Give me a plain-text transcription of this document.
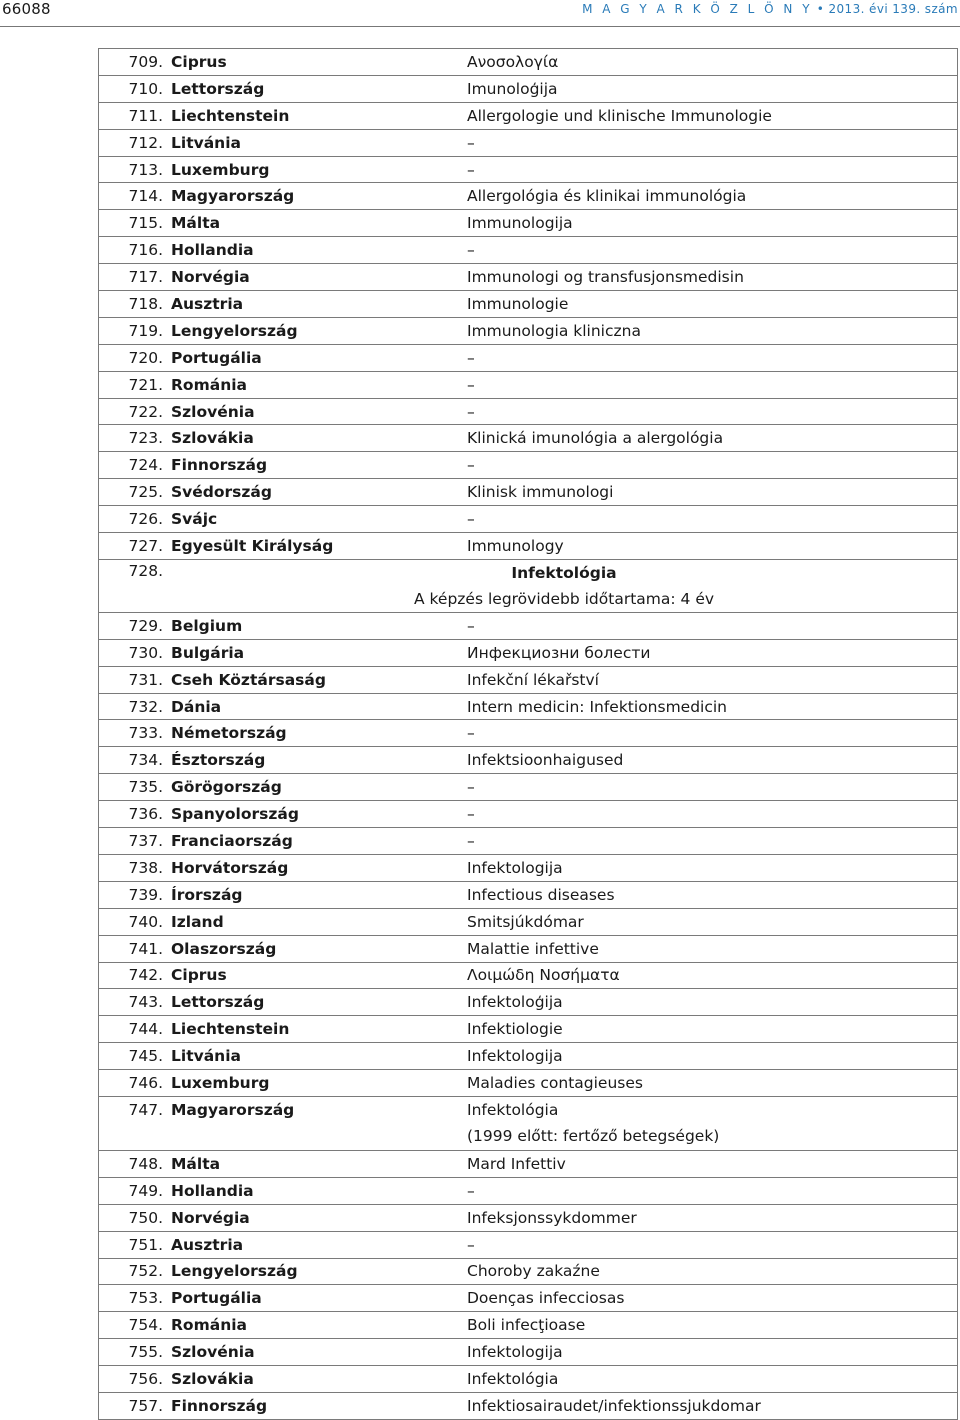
66088	M A G Y A R K Ö Z L Ö N Y • 2013. évi 139. szám
709.	Ciprus	Ανοσολογία
710.	Lettország	Imunoloģija
711.	Liechtenstein	Allergologie und klinische Immunologie
712.	Litvánia	–
713.	Luxemburg	–
714.	Magyarország	Allergológia és klinikai immunológia
715.	Málta	Immunologija
716.	Hollandia	–
717.	Norvégia	Immunologi og transfusjonsmedisin
718.	Ausztria	Immunologie
719.	Lengyelország	Immunologia kliniczna
720.	Portugália	–
721.	Románia	–
722.	Szlovénia	–
723.	Szlovákia	Klinická imunológia a alergológia
724.	Finnország	–
725.	Svédország	Klinisk immunologi
726.	Svájc	–
727.	Egyesült Királyság	Immunology
728.	Infektológia
A képzés legrövidebb időtartama: 4 év	

729.	Belgium	–
730.	Bulgária	Инфекциозни болести
731.	Cseh Köztársaság	Infekční lékařství
732.	Dánia	Intern medicin: Infektionsmedicin
733.	Németország	–
734.	Észtország	Infektsioonhaigused
735.	Görögország	–
736.	Spanyolország	–
737.	Franciaország	–
738.	Horvátország	Infektologija
739.	Írország	Infectious diseases
740.	Izland	Smitsjúkdómar
741.	Olaszország	Malattie infettive
742.	Ciprus	Λοιμώδη Νοσήματα
743.	Lettország	Infektoloģija
744.	Liechtenstein	Infektiologie
745.	Litvánia	Infektologija
746.	Luxemburg	Maladies contagieuses

747.	Magyarország	Infektológia
(1999 előtt: fertőző betegségek)

748.	Málta	Mard Infettiv
749.	Hollandia	–
750.	Norvégia	Infeksjonssykdommer
751.	Ausztria	–
752.	Lengyelország	Choroby zakaźne
753.	Portugália	Doenças infecciosas
754.	Románia	Boli infecţioase
755.	Szlovénia	Infektologija
756.	Szlovákia	Infektológia
757.	Finnország	Infektiosairaudet/infektionssjukdomar
